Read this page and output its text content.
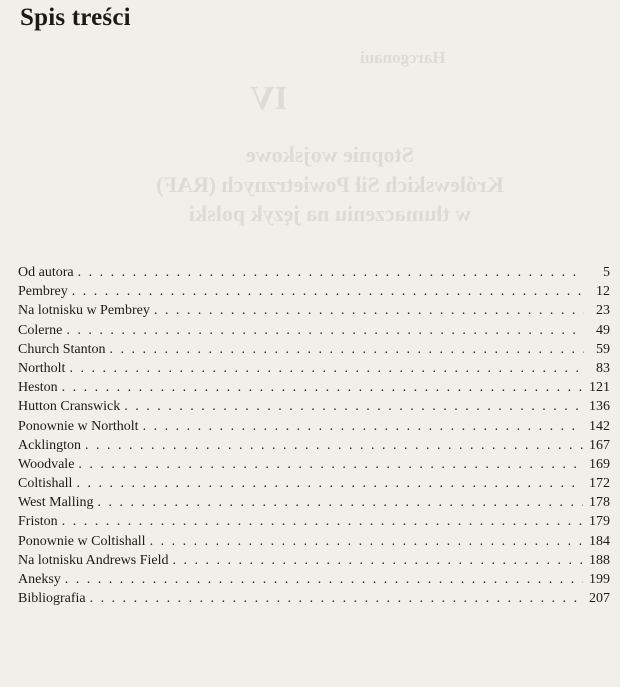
Harcgonaui
IV
Stopnie wojskowe
Królewskich Sił Powietrznych (RAF)
w tłumaczeniu na język polski
Spis treści
Od autora . . .	5
Pembrey . . .	12
Na lotnisku w Pembrey . . .	23
Colerne . . .	49
Church Stanton . . .	59
Northolt . . .	83
Heston . . .	121
Hutton Cranswick . . .	136
Ponownie w Northolt . . .	142
Acklington . . .	167
Woodvale . . .	169
Coltishall . . .	172
West Malling . . .	178
Friston . . .	179
Ponownie w Coltishall . . .	184
Na lotnisku Andrews Field . . .	188
Aneksy . . .	199
Bibliografia . . .	207
